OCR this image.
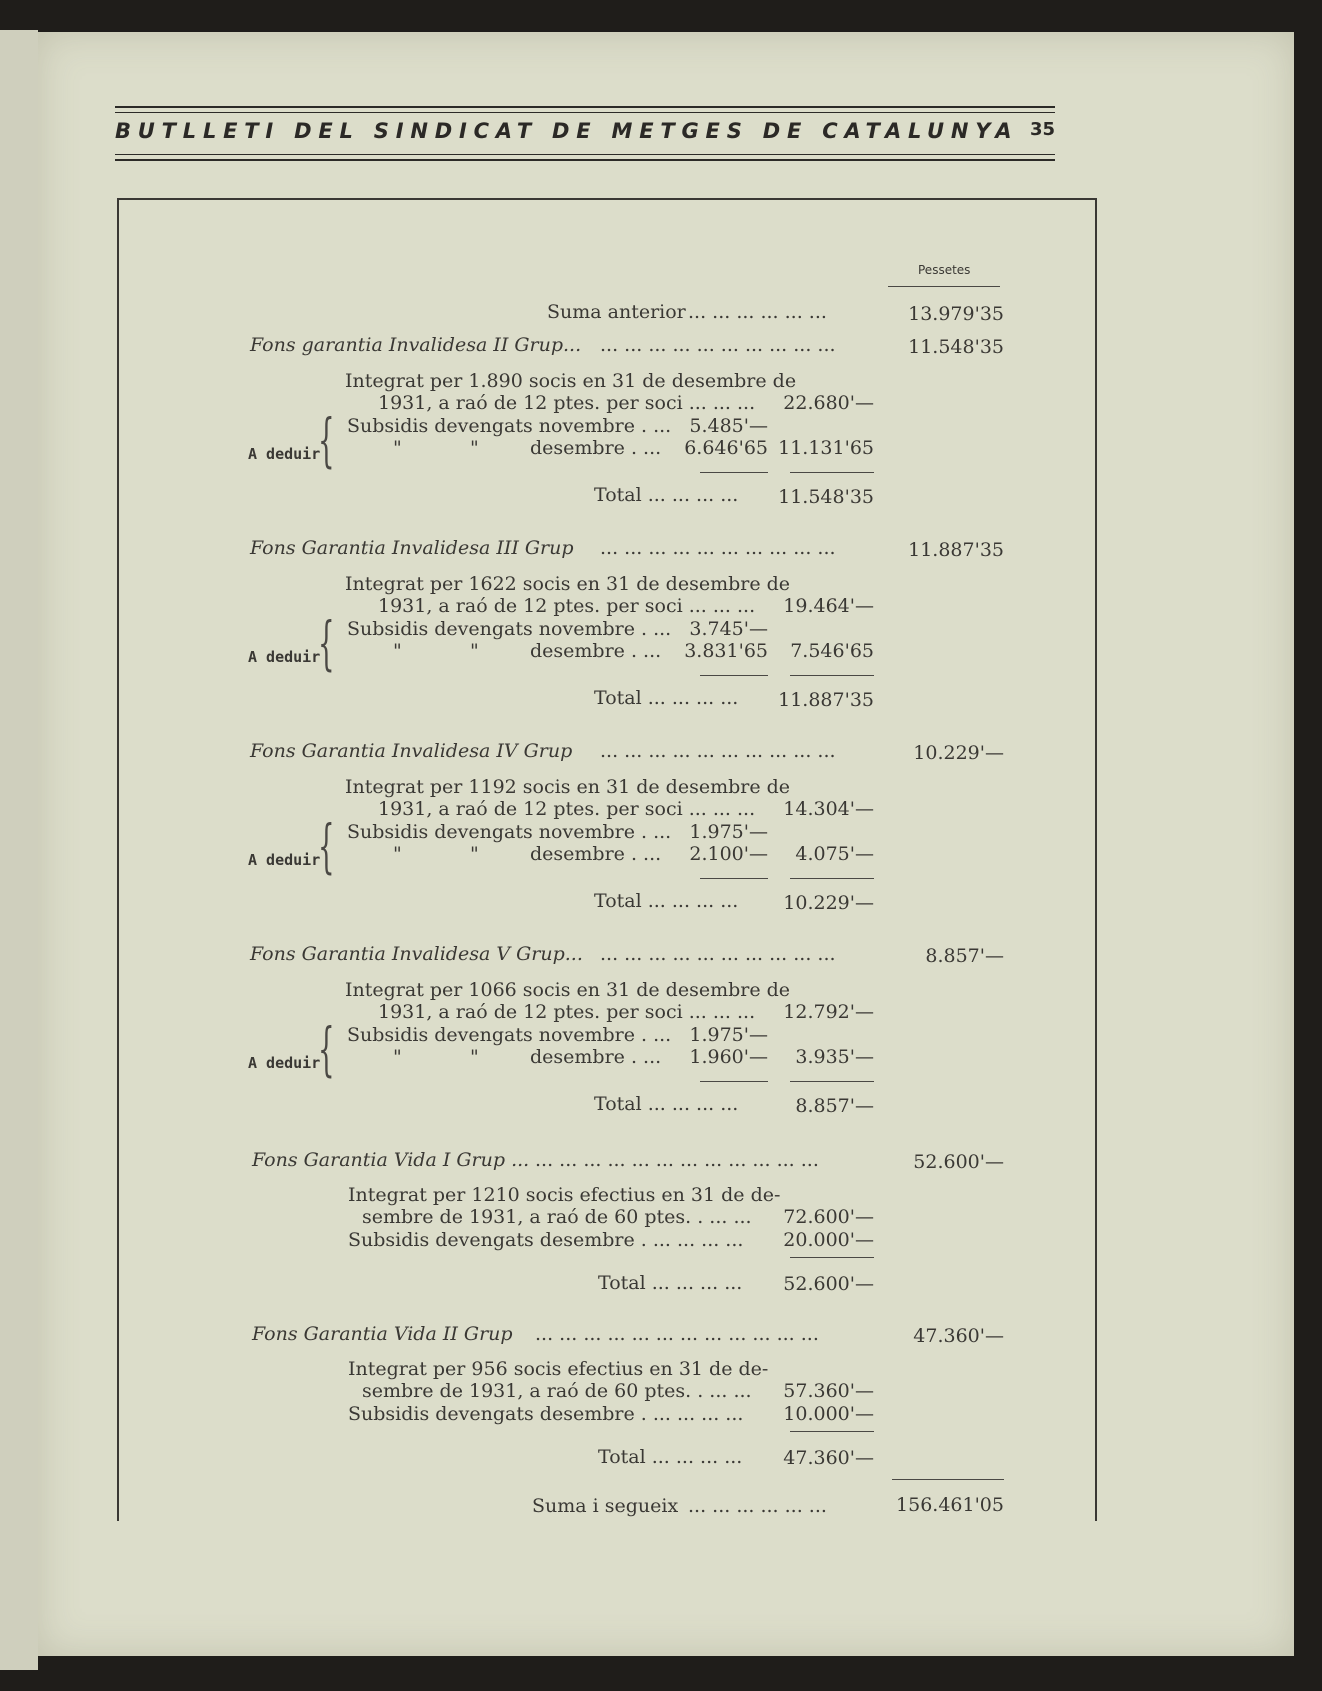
BUTLLETI DEL SINDICAT DE METGES DE CATALUNYA 35
Pessetes
Suma anterior ... ... ... ... ... ...	13.979'35
Fons garantia Invalidesa II Grup... ... ... ... ... ... ... ... ... ... ...	11.548'35
Integrat per 1.890 socis en 31 de desembre de
1931, a raó de 12 ptes. per soci ... ... ...	22.680'—
Subsidis devengats novembre . ... 5.485'—
"	"	desembre . ...	6.646'65 11.131'65
A deduir
{
Total ... ... ... ...	11.548'35
Fons Garantia Invalidesa III Grup ... ... ... ... ... ... ... ... ... ...	11.887'35
Integrat per 1622 socis en 31 de desembre de
1931, a raó de 12 ptes. per soci ... ... ...	19.464'—
Subsidis devengats novembre . ... 3.745'—
"	"	desembre . ...	3.831'65	7.546'65
A deduir
{
Total ... ... ... ...	11.887'35
Fons Garantia Invalidesa IV Grup ... ... ... ... ... ... ... ... ... ...	10.229'—
Integrat per 1192 socis en 31 de desembre de
1931, a raó de 12 ptes. per soci ... ... ...	14.304'—
Subsidis devengats novembre . ... 1.975'—
"	"	desembre . ...	2.100'—	4.075'—
A deduir
{
Total ... ... ... ...	10.229'—
Fons Garantia Invalidesa V Grup... ... ... ... ... ... ... ... ... ... ...	8.857'—
Integrat per 1066 socis en 31 de desembre de
1931, a raó de 12 ptes. per soci ... ... ...	12.792'—
Subsidis devengats novembre . ... 1.975'—
"	"	desembre . ...	1.960'—	3.935'—
A deduir
{
Total ... ... ... ...	8.857'—
Fons Garantia Vida I Grup ... ... ... ... ... ... ... ... ... ... ... ... ...	52.600'—
Integrat per 1210 socis efectius en 31 de de-
sembre de 1931, a raó de 60 ptes. . ... ...	72.600'—
Subsidis devengats desembre . ... ... ... ...	20.000'—
Total ... ... ... ...	52.600'—
Fons Garantia Vida II Grup ... ... ... ... ... ... ... ... ... ... ... ...	47.360'—
Integrat per 956 socis efectius en 31 de de-
sembre de 1931, a raó de 60 ptes. . ... ...	57.360'—
Subsidis devengats desembre . ... ... ... ...	10.000'—
Total ... ... ... ...	47.360'—
Suma i segueix ... ... ... ... ... ...	156.461'05
